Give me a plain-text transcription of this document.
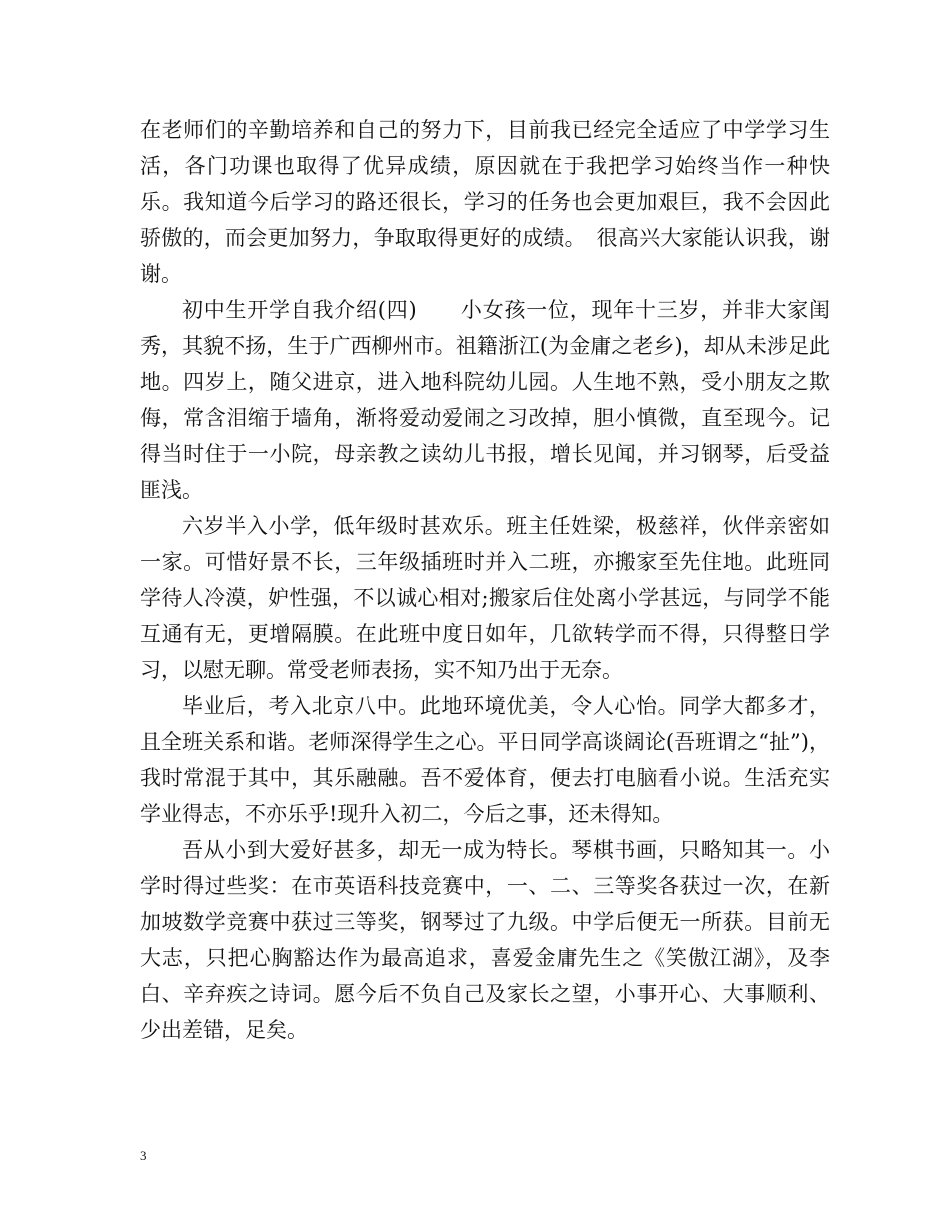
在老师们的辛勤培养和自己的努力下，目前我已经完全适应了中学学习生活，各门功课也取得了优异成绩，原因就在于我把学习始终当作一种快乐。我知道今后学习的路还很长，学习的任务也会更加艰巨，我不会因此骄傲的，而会更加努力，争取取得更好的成绩。　很高兴大家能认识我，谢谢。

初中生开学自我介绍(四)　　小女孩一位，现年十三岁，并非大家闺秀，其貌不扬，生于广西柳州市。祖籍浙江(为金庸之老乡)，却从未涉足此地。四岁上，随父进京，进入地科院幼儿园。人生地不熟，受小朋友之欺侮，常含泪缩于墙角，渐将爱动爱闹之习改掉，胆小慎微，直至现今。记得当时住于一小院，母亲教之读幼儿书报，增长见闻，并习钢琴，后受益匪浅。

六岁半入小学，低年级时甚欢乐。班主任姓梁，极慈祥，伙伴亲密如一家。可惜好景不长，三年级插班时并入二班，亦搬家至先住地。此班同学待人冷漠，妒性强，不以诚心相对;搬家后住处离小学甚远，与同学不能互通有无，更增隔膜。在此班中度日如年，几欲转学而不得，只得整日学习，以慰无聊。常受老师表扬，实不知乃出于无奈。

毕业后，考入北京八中。此地环境优美，令人心怡。同学大都多才，且全班关系和谐。老师深得学生之心。平日同学高谈阔论(吾班谓之“扯”)，我时常混于其中，其乐融融。吾不爱体育，便去打电脑看小说。生活充实学业得志，不亦乐乎!现升入初二，今后之事，还未得知。

吾从小到大爱好甚多，却无一成为特长。琴棋书画，只略知其一。小学时得过些奖：在市英语科技竞赛中，一、二、三等奖各获过一次，在新加坡数学竞赛中获过三等奖，钢琴过了九级。中学后便无一所获。目前无大志，只把心胸豁达作为最高追求，喜爱金庸先生之《笑傲江湖》，及李白、辛弃疾之诗词。愿今后不负自己及家长之望，小事开心、大事顺利、少出差错，足矣。

3
